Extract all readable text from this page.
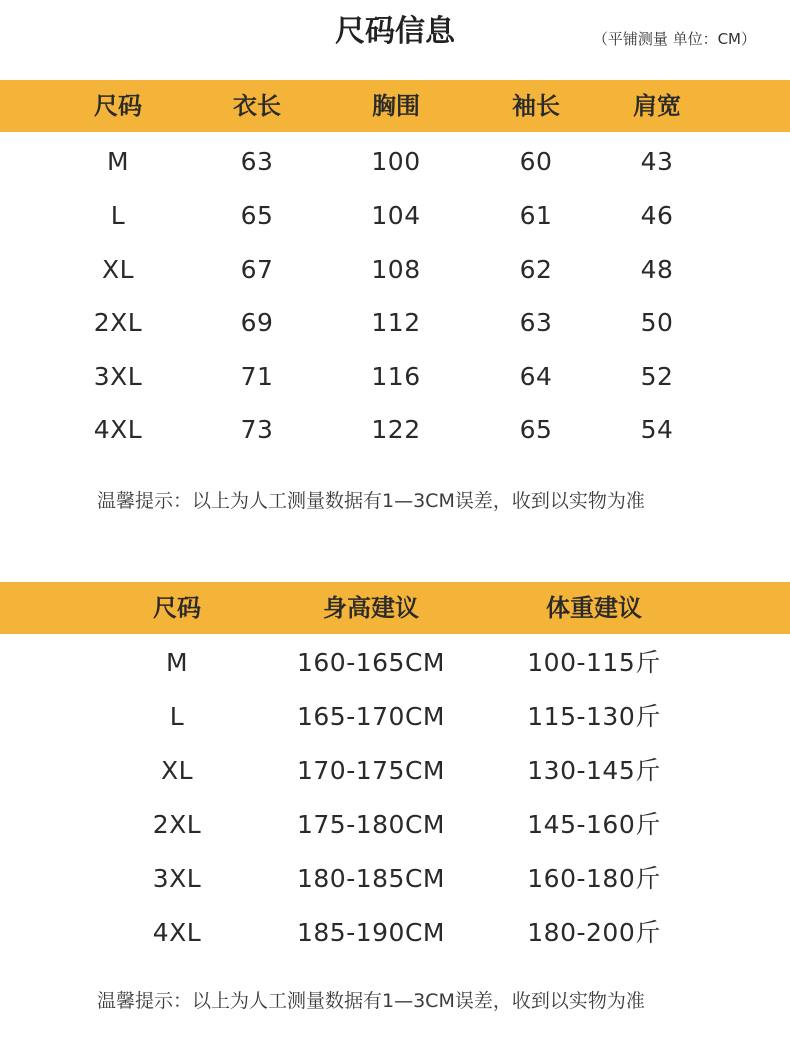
尺码信息	（平铺测量 单位：CM）
尺码	衣长	胸围	袖长	肩宽
M	63	100	60	43
L	65	104	61	46
XL	67	108	62	48
2XL	69	112	63	50
3XL	71	116	64	52
4XL	73	122	65	54
温馨提示：以上为人工测量数据有1—3CM误差，收到以实物为准
尺码	身高建议	体重建议
M	160-165CM	100-115斤
L	165-170CM	115-130斤
XL	170-175CM	130-145斤
2XL	175-180CM	145-160斤
3XL	180-185CM	160-180斤
4XL	185-190CM	180-200斤
温馨提示：以上为人工测量数据有1—3CM误差，收到以实物为准
